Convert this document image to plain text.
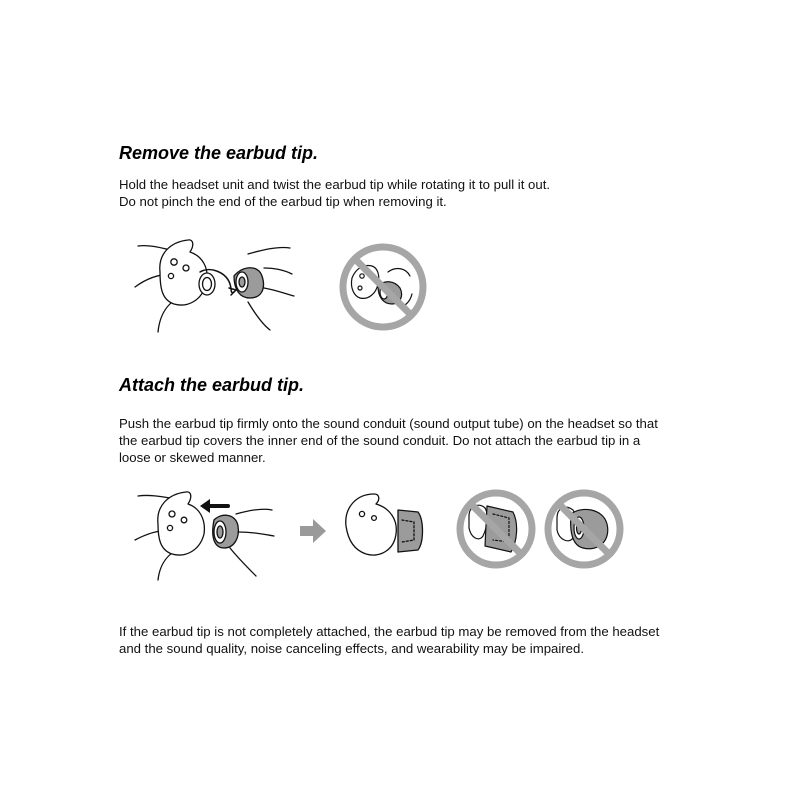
Remove the earbud tip.

Hold the headset unit and twist the earbud tip while rotating it to pull it out.
Do not pinch the end of the earbud tip when removing it.

Attach the earbud tip.

Push the earbud tip firmly onto the sound conduit (sound output tube) on the headset so that
the earbud tip covers the inner end of the sound conduit. Do not attach the earbud tip in a
loose or skewed manner.

If the earbud tip is not completely attached, the earbud tip may be removed from the headset
and the sound quality, noise canceling effects, and wearability may be impaired.
